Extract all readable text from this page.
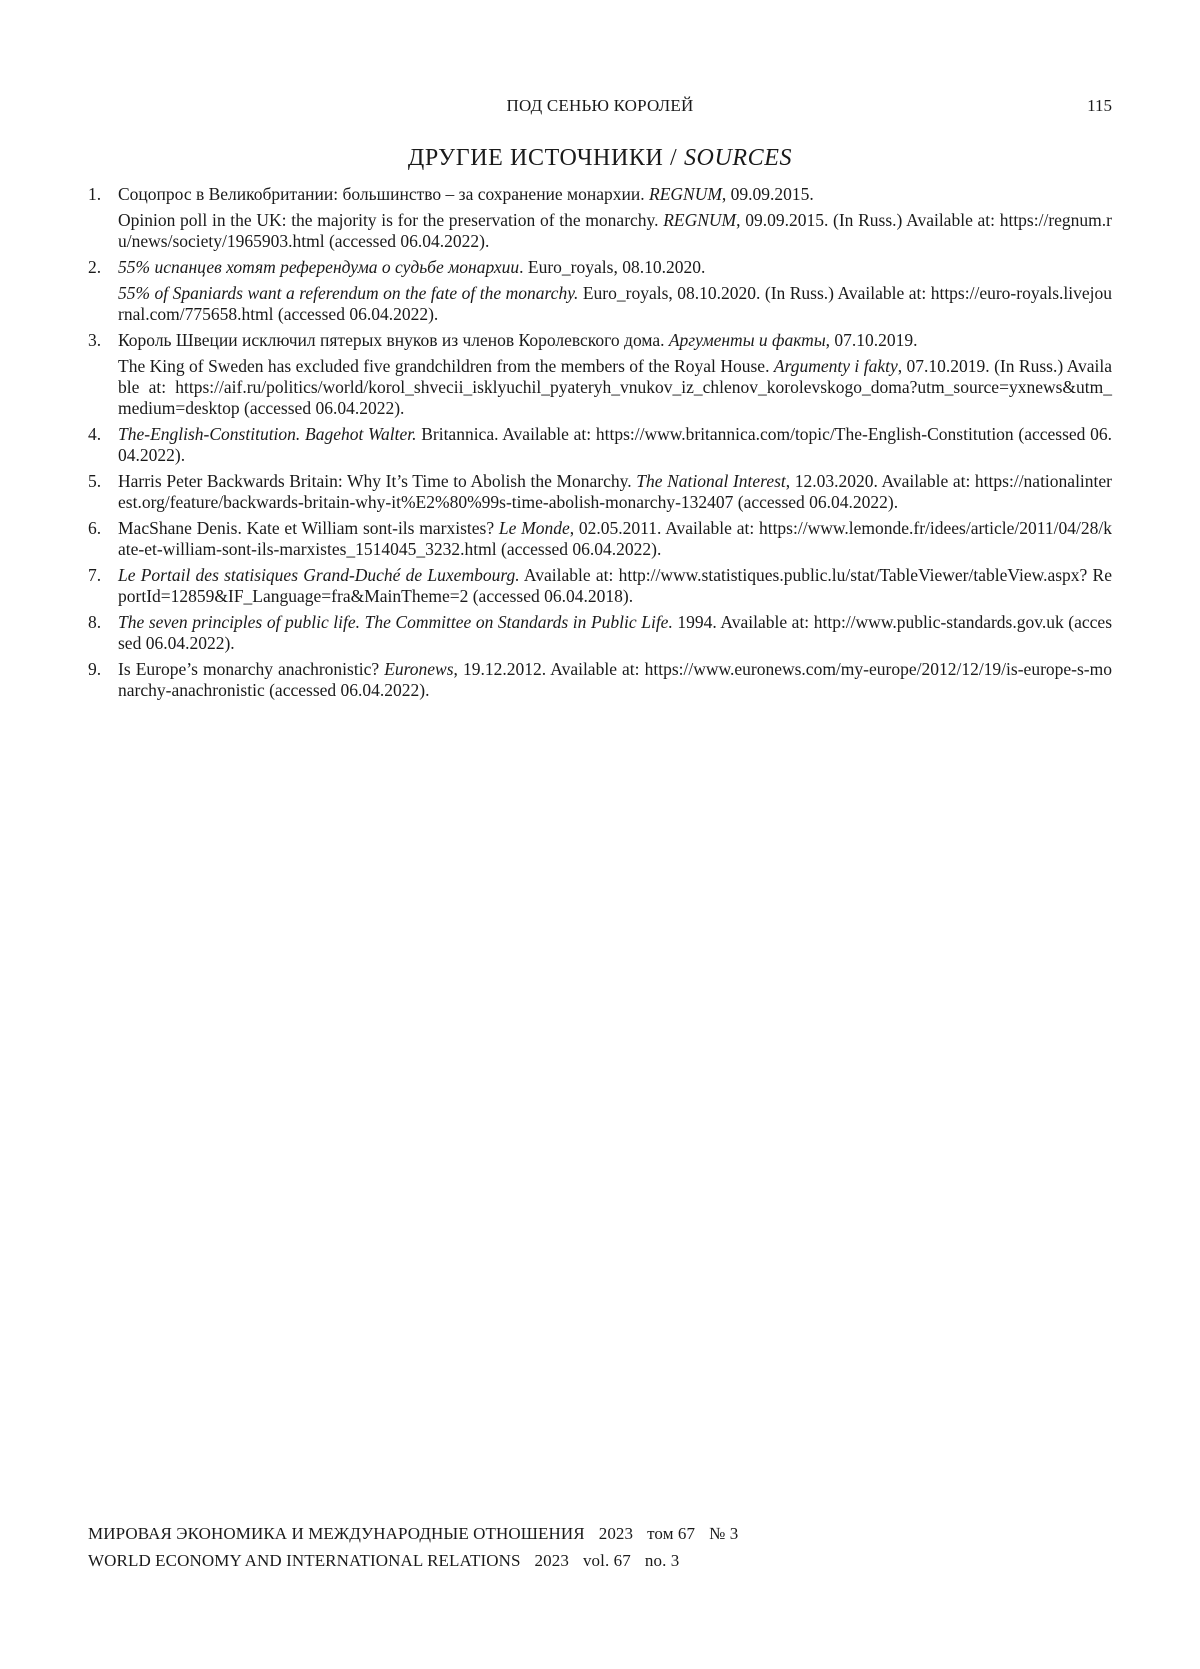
ПОД СЕНЬЮ КОРОЛЕЙ	115
ДРУГИЕ ИСТОЧНИКИ / SOURCES
1. Соцопрос в Великобритании: большинство – за сохранение монархии. REGNUM, 09.09.2015.

Opinion poll in the UK: the majority is for the preservation of the monarchy. REGNUM, 09.09.2015. (In Russ.) Available at: https://regnum.ru/news/society/1965903.html (accessed 06.04.2022).

2. 55% испанцев хотят референдума о судьбе монархии. Euro_royals, 08.10.2020.

55% of Spaniards want a referendum on the fate of the monarchy. Euro_royals, 08.10.2020. (In Russ.) Available at: https://euro-royals.livejournal.com/775658.html (accessed 06.04.2022).

3. Король Швеции исключил пятерых внуков из членов Королевского дома. Аргументы и факты, 07.10.2019.

The King of Sweden has excluded five grandchildren from the members of the Royal House. Argumenty i fakty, 07.10.2019. (In Russ.) Available at: https://aif.ru/politics/world/korol_shvecii_isklyuchil_pyateryh_vnukov_iz_chlenov_korolevskogo_doma?utm_source=yxnews&utm_medium=desktop (accessed 06.04.2022).

4. The-English-Constitution. Bagehot Walter. Britannica. Available at: https://www.britannica.com/topic/The-English-Constitution (accessed 06.04.2022).

5. Harris Peter Backwards Britain: Why It’s Time to Abolish the Monarchy. The National Interest, 12.03.2020. Available at: https://nationalinterest.org/feature/backwards-britain-why-it%E2%80%99s-time-abolish-monarchy-132407 (accessed 06.04.2022).

6. MacShane Denis. Kate et William sont-ils marxistes? Le Monde, 02.05.2011. Available at: https://www.lemonde.fr/idees/article/2011/04/28/kate-et-william-sont-ils-marxistes_1514045_3232.html (accessed 06.04.2022).

7. Le Portail des statisiques Grand-Duché de Luxembourg. Available at: http://www.statistiques.public.lu/stat/TableViewer/tableView.aspx? ReportId=12859&IF_Language=fra&MainTheme=2 (accessed 06.04.2018).

8. The seven principles of public life. The Committee on Standards in Public Life. 1994. Available at: http://www.public-standards.gov.uk (accessed 06.04.2022).

9. Is Europe’s monarchy anachronistic? Euronews, 19.12.2012. Available at: https://www.euronews.com/my-europe/2012/12/19/is-europe-s-monarchy-anachronistic (accessed 06.04.2022).

МИРОВАЯ ЭКОНОМИКА И МЕЖДУНАРОДНЫЕ ОТНОШЕНИЯ 2023 том 67 № 3
WORLD ECONOMY AND INTERNATIONAL RELATIONS 2023 vol. 67 no. 3
